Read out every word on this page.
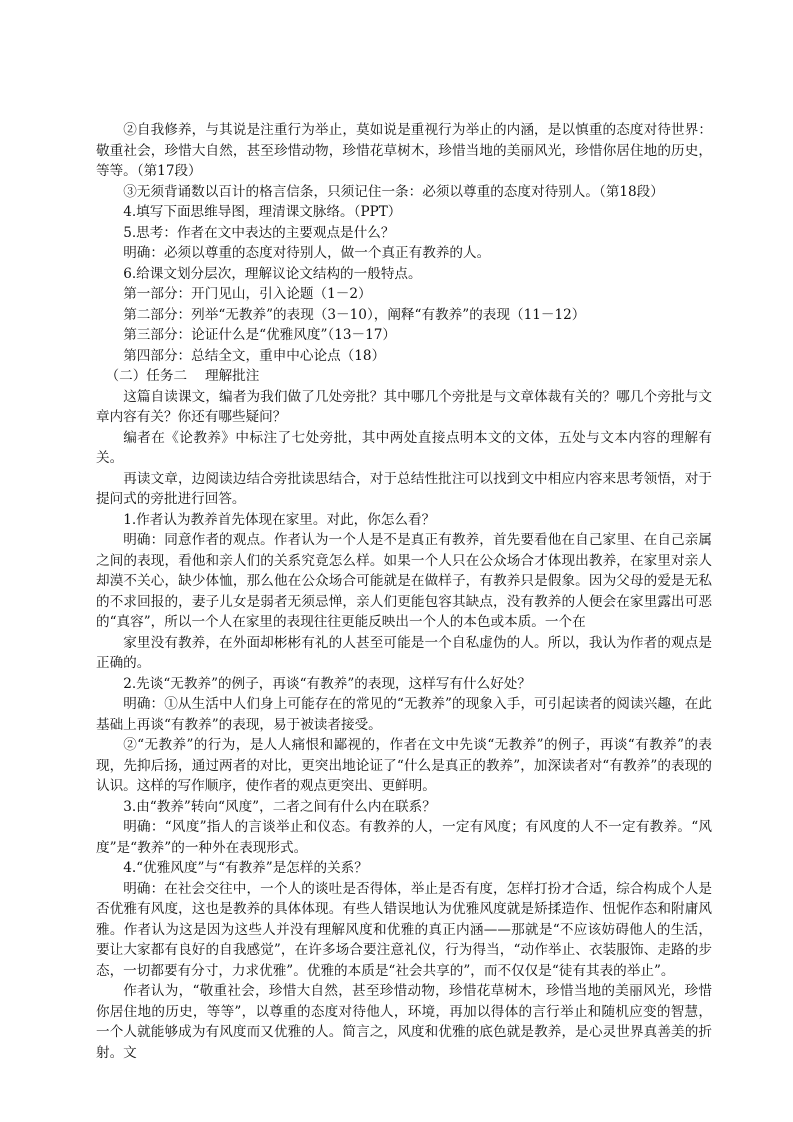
②自我修养，与其说是注重行为举止，莫如说是重视行为举止的内涵，是以慎重的态度对待世界：敬重社会，珍惜大自然，甚至珍惜动物，珍惜花草树木，珍惜当地的美丽风光，珍惜你居住地的历史，等等。（第17段）

③无须背诵数以百计的格言信条，只须记住一条：必须以尊重的态度对待别人。（第18段）

4.填写下面思维导图，理清课文脉络。（PPT）

5.思考：作者在文中表达的主要观点是什么？

明确：必须以尊重的态度对待别人，做一个真正有教养的人。

6.给课文划分层次，理解议论文结构的一般特点。

第一部分：开门见山，引入论题（1－2）

第二部分：列举“无教养”的表现（3－10），阐释“有教养”的表现（11－12）

第三部分：论证什么是“优雅风度”（13－17）

第四部分：总结全文，重申中心论点（18）

（二）任务二　 理解批注

这篇自读课文，编者为我们做了几处旁批？其中哪几个旁批是与文章体裁有关的？哪几个旁批与文章内容有关？你还有哪些疑问？

编者在《论教养》中标注了七处旁批，其中两处直接点明本文的文体，五处与文本内容的理解有关。

再读文章，边阅读边结合旁批读思结合，对于总结性批注可以找到文中相应内容来思考领悟，对于提问式的旁批进行回答。

1.作者认为教养首先体现在家里。对此，你怎么看？

明确：同意作者的观点。作者认为一个人是不是真正有教养，首先要看他在自己家里、在自己亲属之间的表现，看他和亲人们的关系究竟怎么样。如果一个人只在公众场合才体现出教养，在家里对亲人却漠不关心，缺少体恤，那么他在公众场合可能就是在做样子，有教养只是假象。因为父母的爱是无私的不求回报的，妻子儿女是弱者无须忌惮，亲人们更能包容其缺点，没有教养的人便会在家里露出可恶的“真容”，所以一个人在家里的表现往往更能反映出一个人的本色或本质。一个在

家里没有教养，在外面却彬彬有礼的人甚至可能是一个自私虚伪的人。所以，我认为作者的观点是正确的。

2.先谈“无教养”的例子，再谈“有教养”的表现，这样写有什么好处？

明确：①从生活中人们身上可能存在的常见的“无教养”的现象入手，可引起读者的阅读兴趣，在此基础上再谈“有教养”的表现，易于被读者接受。

②“无教养”的行为，是人人痛恨和鄙视的，作者在文中先谈“无教养”的例子，再谈“有教养”的表现，先抑后扬，通过两者的对比，更突出地论证了“什么是真正的教养”，加深读者对“有教养”的表现的认识。这样的写作顺序，使作者的观点更突出、更鲜明。

3.由“教养”转向“风度”，二者之间有什么内在联系？

明确：“风度”指人的言谈举止和仪态。有教养的人，一定有风度；有风度的人不一定有教养。“风度”是“教养”的一种外在表现形式。

4.“优雅风度”与“有教养”是怎样的关系？

明确：在社会交往中，一个人的谈吐是否得体，举止是否有度，怎样打扮才合适，综合构成个人是否优雅有风度，这也是教养的具体体现。有些人错误地认为优雅风度就是矫揉造作、忸怩作态和附庸风雅。作者认为这是因为这些人并没有理解风度和优雅的真正内涵——那就是“不应该妨碍他人的生活，要让大家都有良好的自我感觉”，在许多场合要注意礼仪，行为得当，“动作举止、衣装服饰、走路的步态，一切都要有分寸，力求优雅”。优雅的本质是“社会共享的”，而不仅仅是“徒有其表的举止”。

作者认为，“敬重社会，珍惜大自然，甚至珍惜动物，珍惜花草树木，珍惜当地的美丽风光，珍惜你居住地的历史，等等”，以尊重的态度对待他人，环境，再加以得体的言行举止和随机应变的智慧，一个人就能够成为有风度而又优雅的人。简言之，风度和优雅的底色就是教养，是心灵世界真善美的折射。文
